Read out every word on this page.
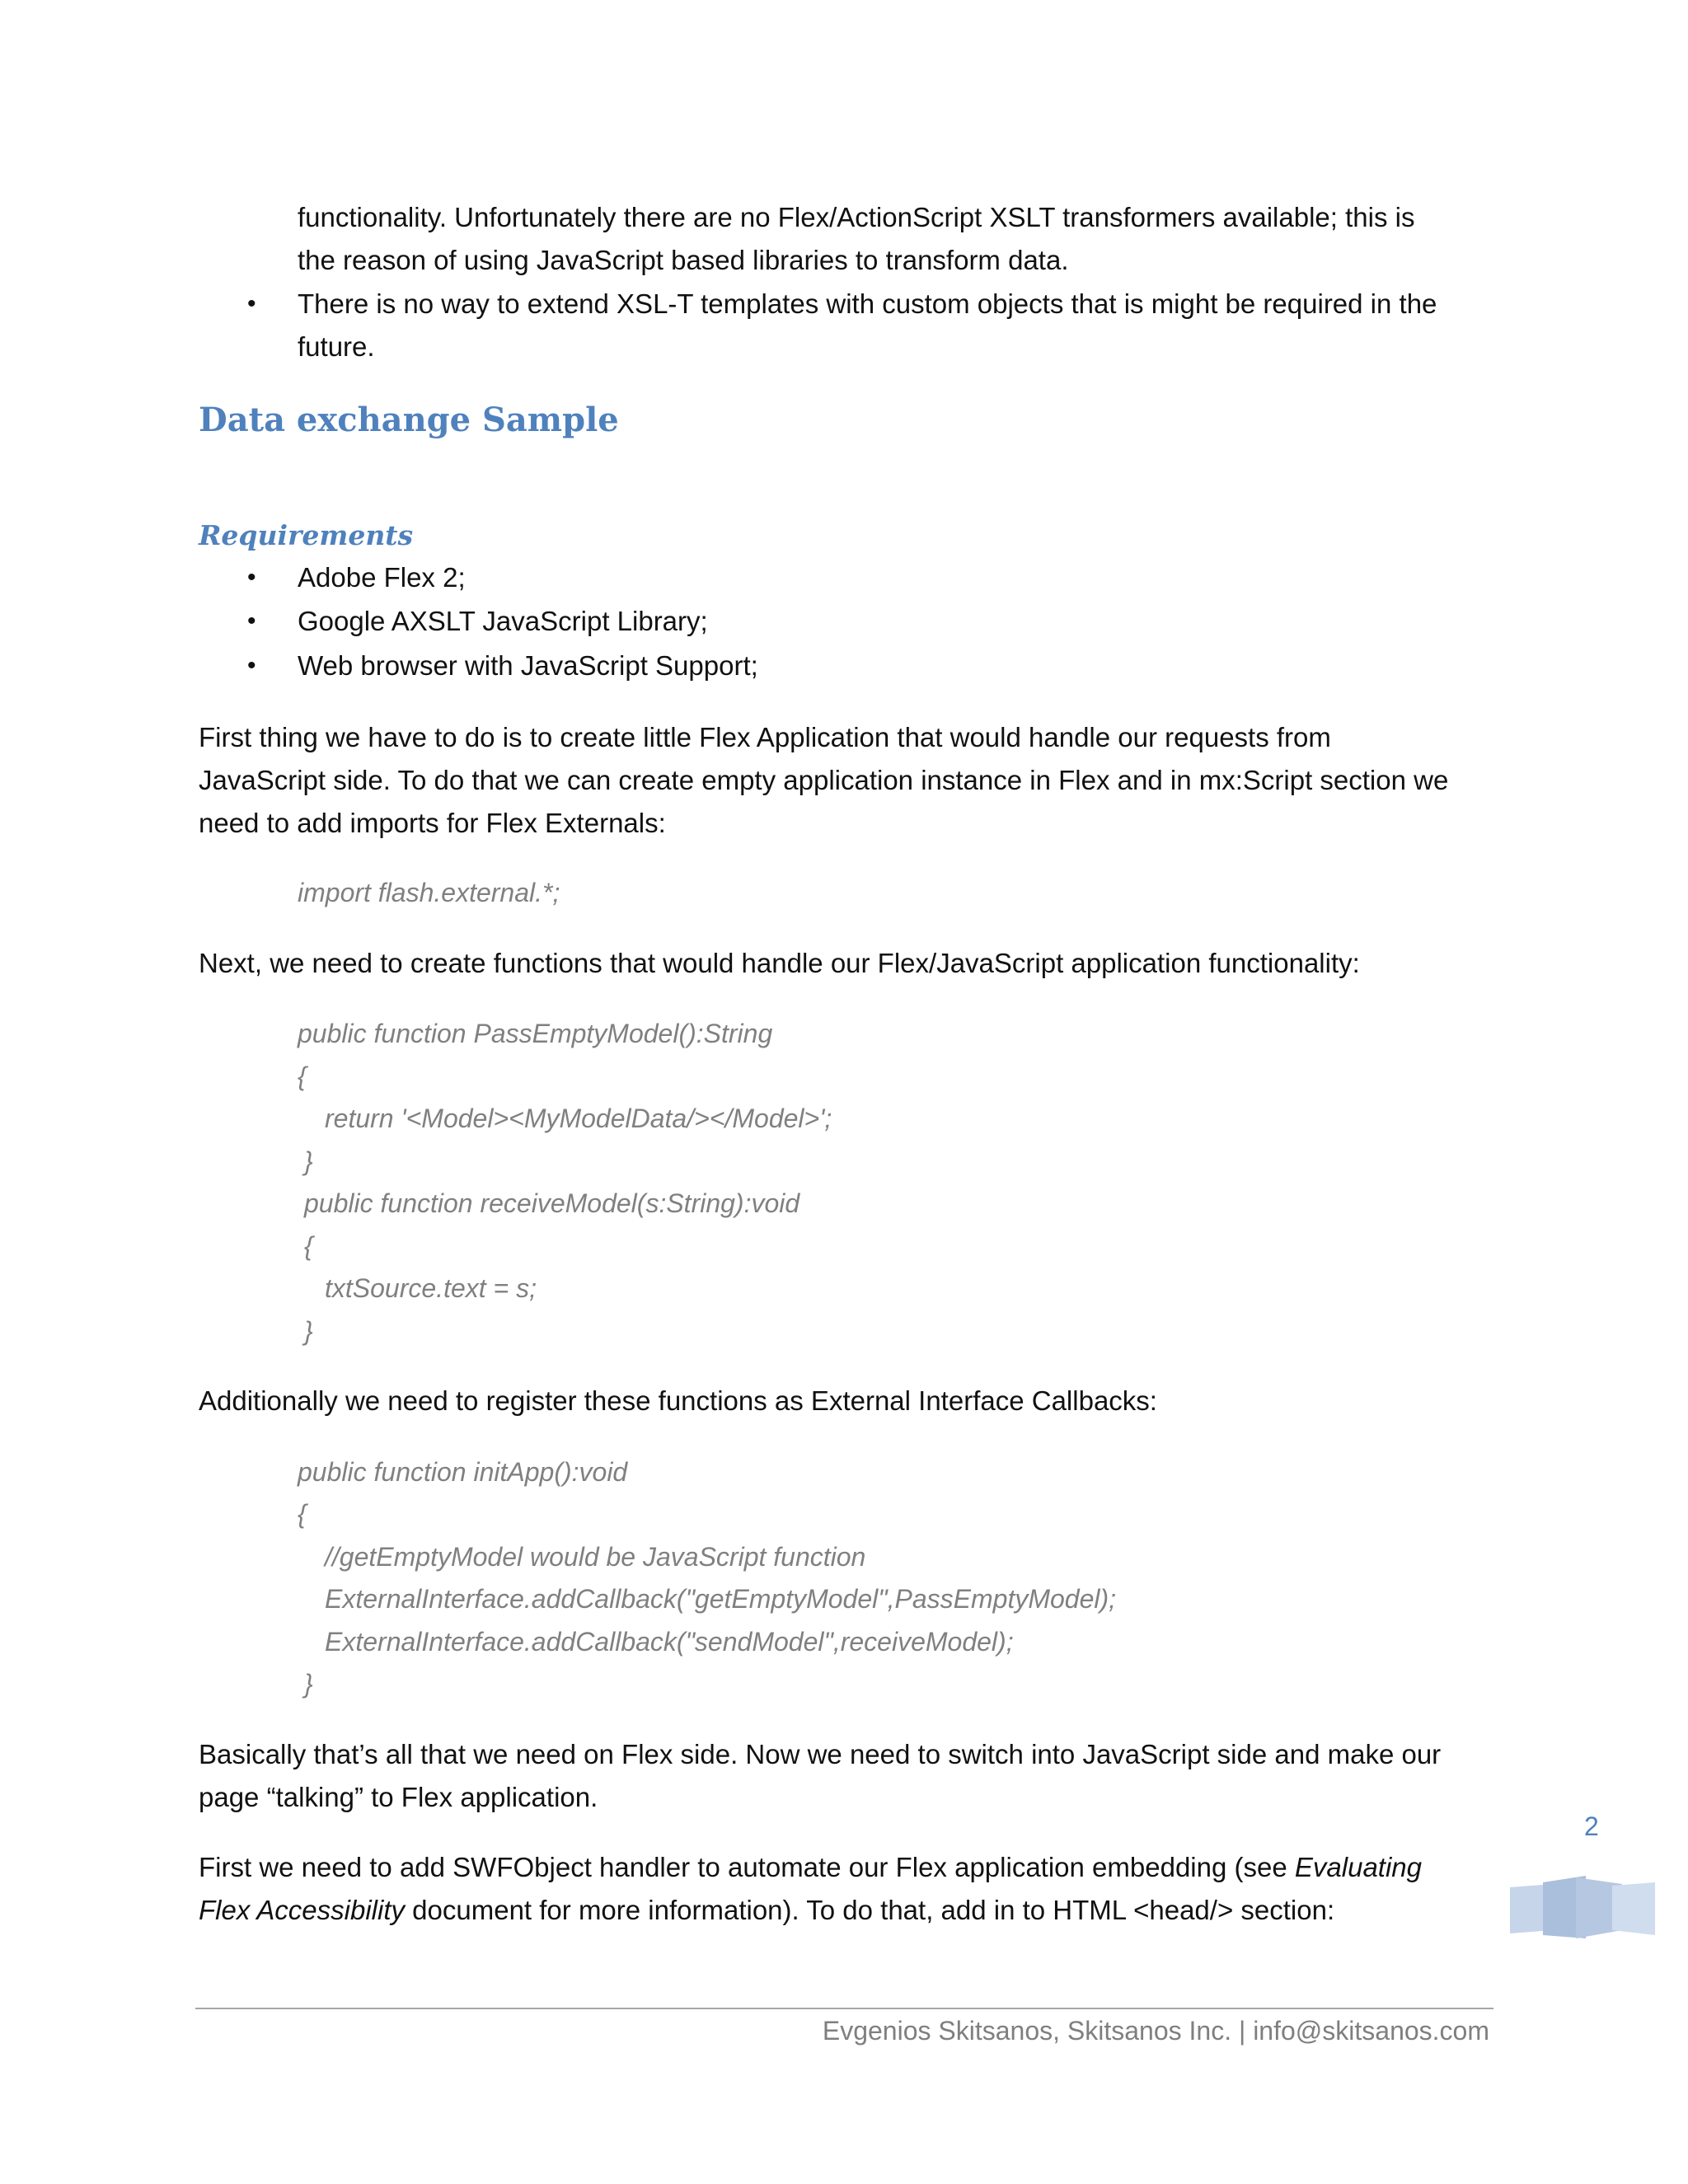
functionality. Unfortunately there are no Flex/ActionScript XSLT transformers available; this is

the reason of using JavaScript based libraries to transform data.

• There is no way to extend XSL-T templates with custom objects that is might be required in the

future.

Data exchange Sample
Requirements
• Adobe Flex 2;

• Google AXSLT JavaScript Library;

• Web browser with JavaScript Support;

First thing we have to do is to create little Flex Application that would handle our requests from

JavaScript side. To do that we can create empty application instance in Flex and in mx:Script section we

need to add imports for Flex Externals:

import flash.external.*;

Next, we need to create functions that would handle our Flex/JavaScript application functionality:

public function PassEmptyModel():String

{

return '<Model><MyModelData/></Model>';

}

public function receiveModel(s:String):void

{

txtSource.text = s;

}

Additionally we need to register these functions as External Interface Callbacks:

public function initApp():void

{

//getEmptyModel would be JavaScript function

ExternalInterface.addCallback("getEmptyModel",PassEmptyModel);

ExternalInterface.addCallback("sendModel",receiveModel);

}

Basically that’s all that we need on Flex side. Now we need to switch into JavaScript side and make our

page “talking” to Flex application.

First we need to add SWFObject handler to automate our Flex application embedding (see Evaluating

Flex Accessibility document for more information). To do that, add in to HTML <head/> section:

2

Evgenios Skitsanos, Skitsanos Inc. | info@skitsanos.com
